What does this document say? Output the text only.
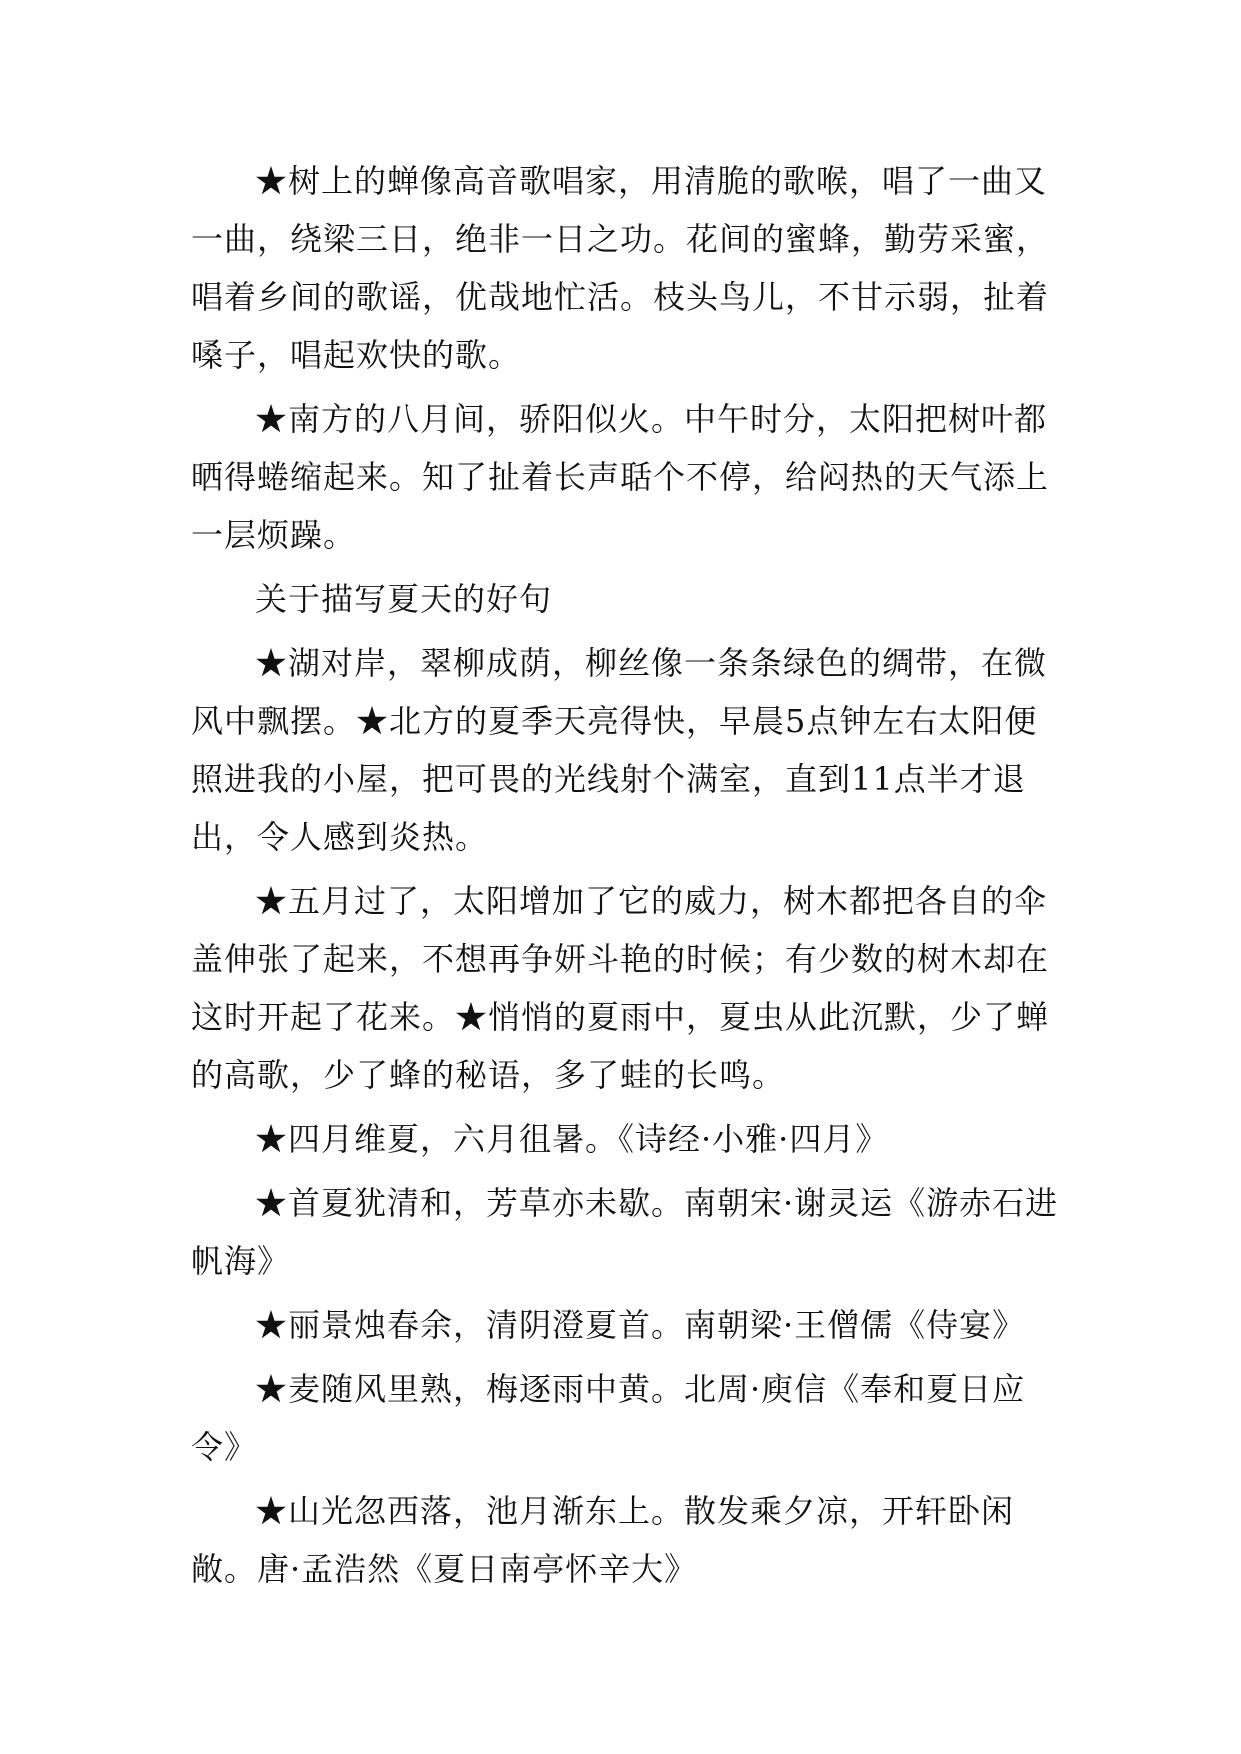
★树上的蝉像高音歌唱家，用清脆的歌喉，唱了一曲又一曲，绕梁三日，绝非一日之功。花间的蜜蜂，勤劳采蜜，唱着乡间的歌谣，优哉地忙活。枝头鸟儿，不甘示弱，扯着嗓子，唱起欢快的歌。

★南方的八月间，骄阳似火。中午时分，太阳把树叶都晒得蜷缩起来。知了扯着长声聒个不停，给闷热的天气添上一层烦躁。

关于描写夏天的好句

★湖对岸，翠柳成荫，柳丝像一条条绿色的绸带，在微风中飘摆。★北方的夏季天亮得快，早晨5点钟左右太阳便照进我的小屋，把可畏的光线射个满室，直到11点半才退出，令人感到炎热。

★五月过了，太阳增加了它的威力，树木都把各自的伞盖伸张了起来，不想再争妍斗艳的时候；有少数的树木却在这时开起了花来。★悄悄的夏雨中，夏虫从此沉默，少了蝉的高歌，少了蜂的秘语，多了蛙的长鸣。

★四月维夏，六月徂暑。《诗经·小雅·四月》

★首夏犹清和，芳草亦未歇。南朝宋·谢灵运《游赤石进帆海》

★丽景烛春余，清阴澄夏首。南朝梁·王僧儒《侍宴》

★麦随风里熟，梅逐雨中黄。北周·庾信《奉和夏日应令》

★山光忽西落，池月渐东上。散发乘夕凉，开轩卧闲敞。唐·孟浩然《夏日南亭怀辛大》
